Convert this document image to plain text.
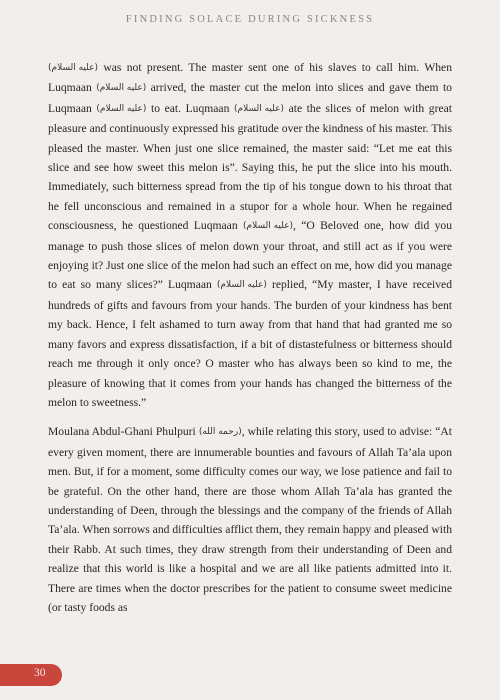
FINDING SOLACE DURING SICKNESS

(عليه السلام) was not present. The master sent one of his slaves to call him. When Luqmaan (عليه السلام) arrived, the master cut the melon into slices and gave them to Luqmaan (عليه السلام) to eat. Luqmaan (عليه السلام) ate the slices of melon with great pleasure and continuously expressed his gratitude over the kindness of his master. This pleased the master. When just one slice remained, the master said: “Let me eat this slice and see how sweet this melon is”. Saying this, he put the slice into his mouth. Immediately, such bitterness spread from the tip of his tongue down to his throat that he fell unconscious and remained in a stupor for a whole hour. When he regained consciousness, he questioned Luqmaan (عليه السلام), “O Beloved one, how did you manage to push those slices of melon down your throat, and still act as if you were enjoying it? Just one slice of the melon had such an effect on me, how did you manage to eat so many slices?” Luqmaan (عليه السلام) replied, “My master, I have received hundreds of gifts and favours from your hands. The burden of your kindness has bent my back. Hence, I felt ashamed to turn away from that hand that had granted me so many favors and express dissatisfaction, if a bit of distastefulness or bitterness should reach me through it only once? O master who has always been so kind to me, the pleasure of knowing that it comes from your hands has changed the bitterness of the melon to sweetness.”

Moulana Abdul-Ghani Phulpuri (رحمه الله), while relating this story, used to advise: “At every given moment, there are innumerable bounties and favours of Allah Ta’ala upon men. But, if for a moment, some difficulty comes our way, we lose patience and fail to be grateful. On the other hand, there are those whom Allah Ta’ala has granted the understanding of Deen, through the blessings and the company of the friends of Allah Ta’ala. When sorrows and difficulties afflict them, they remain happy and pleased with their Rabb. At such times, they draw strength from their understanding of Deen and realize that this world is like a hospital and we are all like patients admitted into it. There are times when the doctor prescribes for the patient to consume sweet medicine (or tasty foods as

30
